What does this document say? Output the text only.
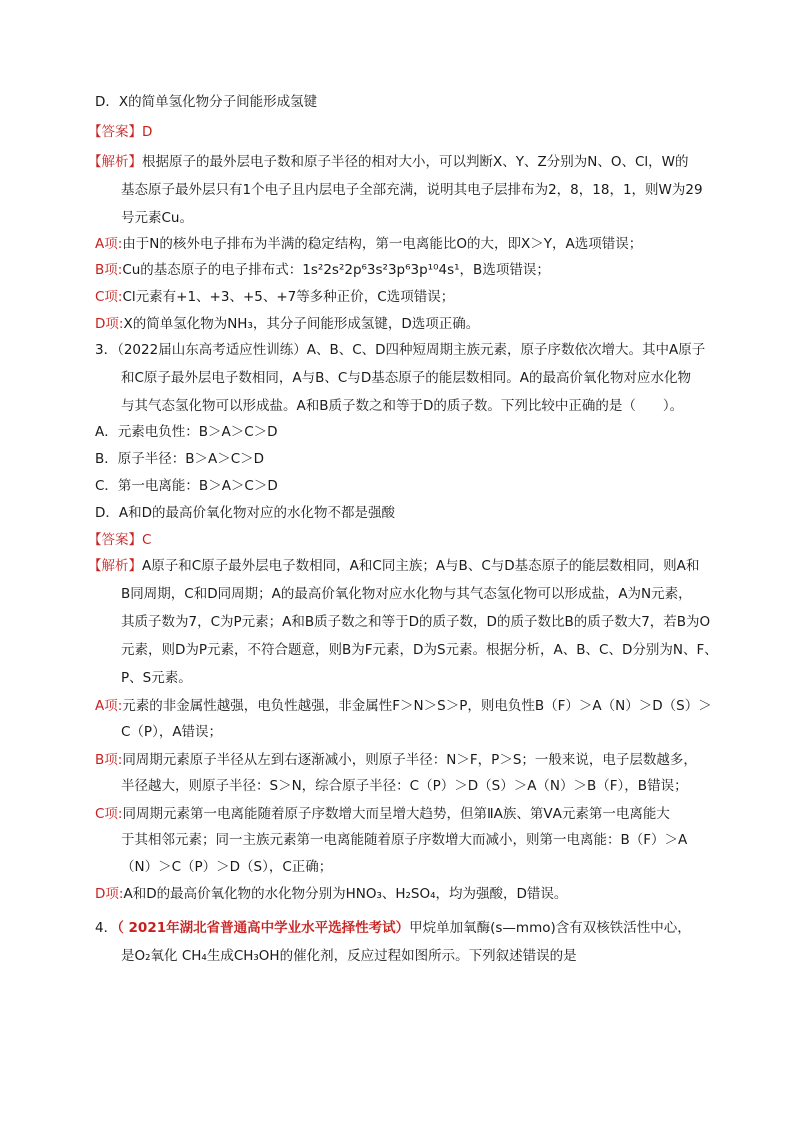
D．X的简单氢化物分子间能形成氢键
【答案】D
【解析】根据原子的最外层电子数和原子半径的相对大小，可以判断X、Y、Z分别为N、O、Cl，W的
基态原子最外层只有1个电子且内层电子全部充满，说明其电子层排布为2，8，18，1，则W为29
号元素Cu。
A项:由于N的核外电子排布为半满的稳定结构，第一电离能比O的大，即X＞Y，A选项错误；
B项:Cu的基态原子的电子排布式：1s²2s²2p⁶3s²3p⁶3p¹⁰4s¹，B选项错误；
C项:Cl元素有+1、+3、+5、+7等多种正价，C选项错误；
D项:X的简单氢化物为NH₃，其分子间能形成氢键，D选项正确。
3．（2022届山东高考适应性训练）A、B、C、D四种短周期主族元素，原子序数依次增大。其中A原子
和C原子最外层电子数相同，A与B、C与D基态原子的能层数相同。A的最高价氧化物对应水化物
与其气态氢化物可以形成盐。A和B质子数之和等于D的质子数。下列比较中正确的是（　　）。
A．元素电负性：B＞A＞C＞D
B．原子半径：B＞A＞C＞D
C．第一电离能：B＞A＞C＞D
D．A和D的最高价氧化物对应的水化物不都是强酸
【答案】C
【解析】A原子和C原子最外层电子数相同，A和C同主族；A与B、C与D基态原子的能层数相同，则A和
B同周期，C和D同周期；A的最高价氧化物对应水化物与其气态氢化物可以形成盐，A为N元素，
其质子数为7，C为P元素；A和B质子数之和等于D的质子数，D的质子数比B的质子数大7，若B为O
元素，则D为P元素，不符合题意，则B为F元素，D为S元素。根据分析，A、B、C、D分别为N、F、
P、S元素。
A项:元素的非金属性越强，电负性越强，非金属性F＞N＞S＞P，则电负性B（F）＞A（N）＞D（S）＞
C（P），A错误；
B项:同周期元素原子半径从左到右逐渐减小，则原子半径：N＞F，P＞S；一般来说，电子层数越多，
半径越大，则原子半径：S＞N，综合原子半径：C（P）＞D（S）＞A（N）＞B（F），B错误；
C项:同周期元素第一电离能随着原子序数增大而呈增大趋势，但第ⅡA族、第ⅤA元素第一电离能大
于其相邻元素；同一主族元素第一电离能随着原子序数增大而减小，则第一电离能：B（F）＞A
（N）＞C（P）＞D（S），C正确；
D项:A和D的最高价氧化物的水化物分别为HNO₃、H₂SO₄，均为强酸，D错误。
4．（ 2021年湖北省普通高中学业水平选择性考试）甲烷单加氧酶(s—mmo)含有双核铁活性中心，
是O₂氧化 CH₄生成CH₃OH的催化剂，反应过程如图所示。下列叙述错误的是
